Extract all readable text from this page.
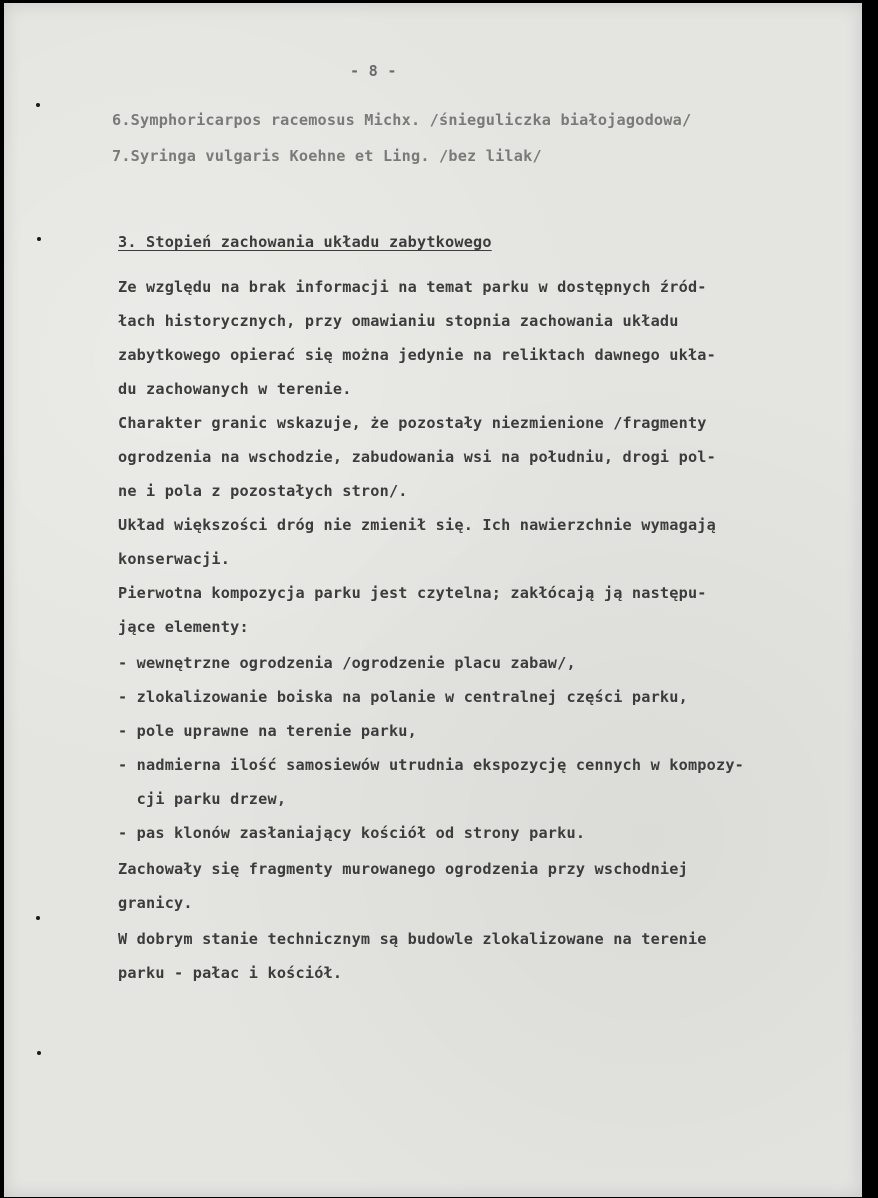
- 8 -
6.Symphoricarpos racemosus Michx. /śnieguliczka białojagodowa/
7.Syringa vulgaris Koehne et Ling. /bez lilak/
3. Stopień zachowania układu zabytkowego
Ze względu na brak informacji na temat parku w dostępnych źród-
łach historycznych, przy omawianiu stopnia zachowania układu
zabytkowego opierać się można jedynie na reliktach dawnego ukła-
du zachowanych w terenie.
Charakter granic wskazuje, że pozostały niezmienione /fragmenty
ogrodzenia na wschodzie, zabudowania wsi na południu, drogi pol-
ne i pola z pozostałych stron/.
Układ większości dróg nie zmienił się. Ich nawierzchnie wymagają
konserwacji.
Pierwotna kompozycja parku jest czytelna; zakłócają ją następu-
jące elementy:
- wewnętrzne ogrodzenia /ogrodzenie placu zabaw/,
- zlokalizowanie boiska na polanie w centralnej części parku,
- pole uprawne na terenie parku,
- nadmierna ilość samosiewów utrudnia ekspozycję cennych w kompozy-
cji parku drzew,
- pas klonów zasłaniający kościół od strony parku.
Zachowały się fragmenty murowanego ogrodzenia przy wschodniej
granicy.
W dobrym stanie technicznym są budowle zlokalizowane na terenie
parku - pałac i kościół.
